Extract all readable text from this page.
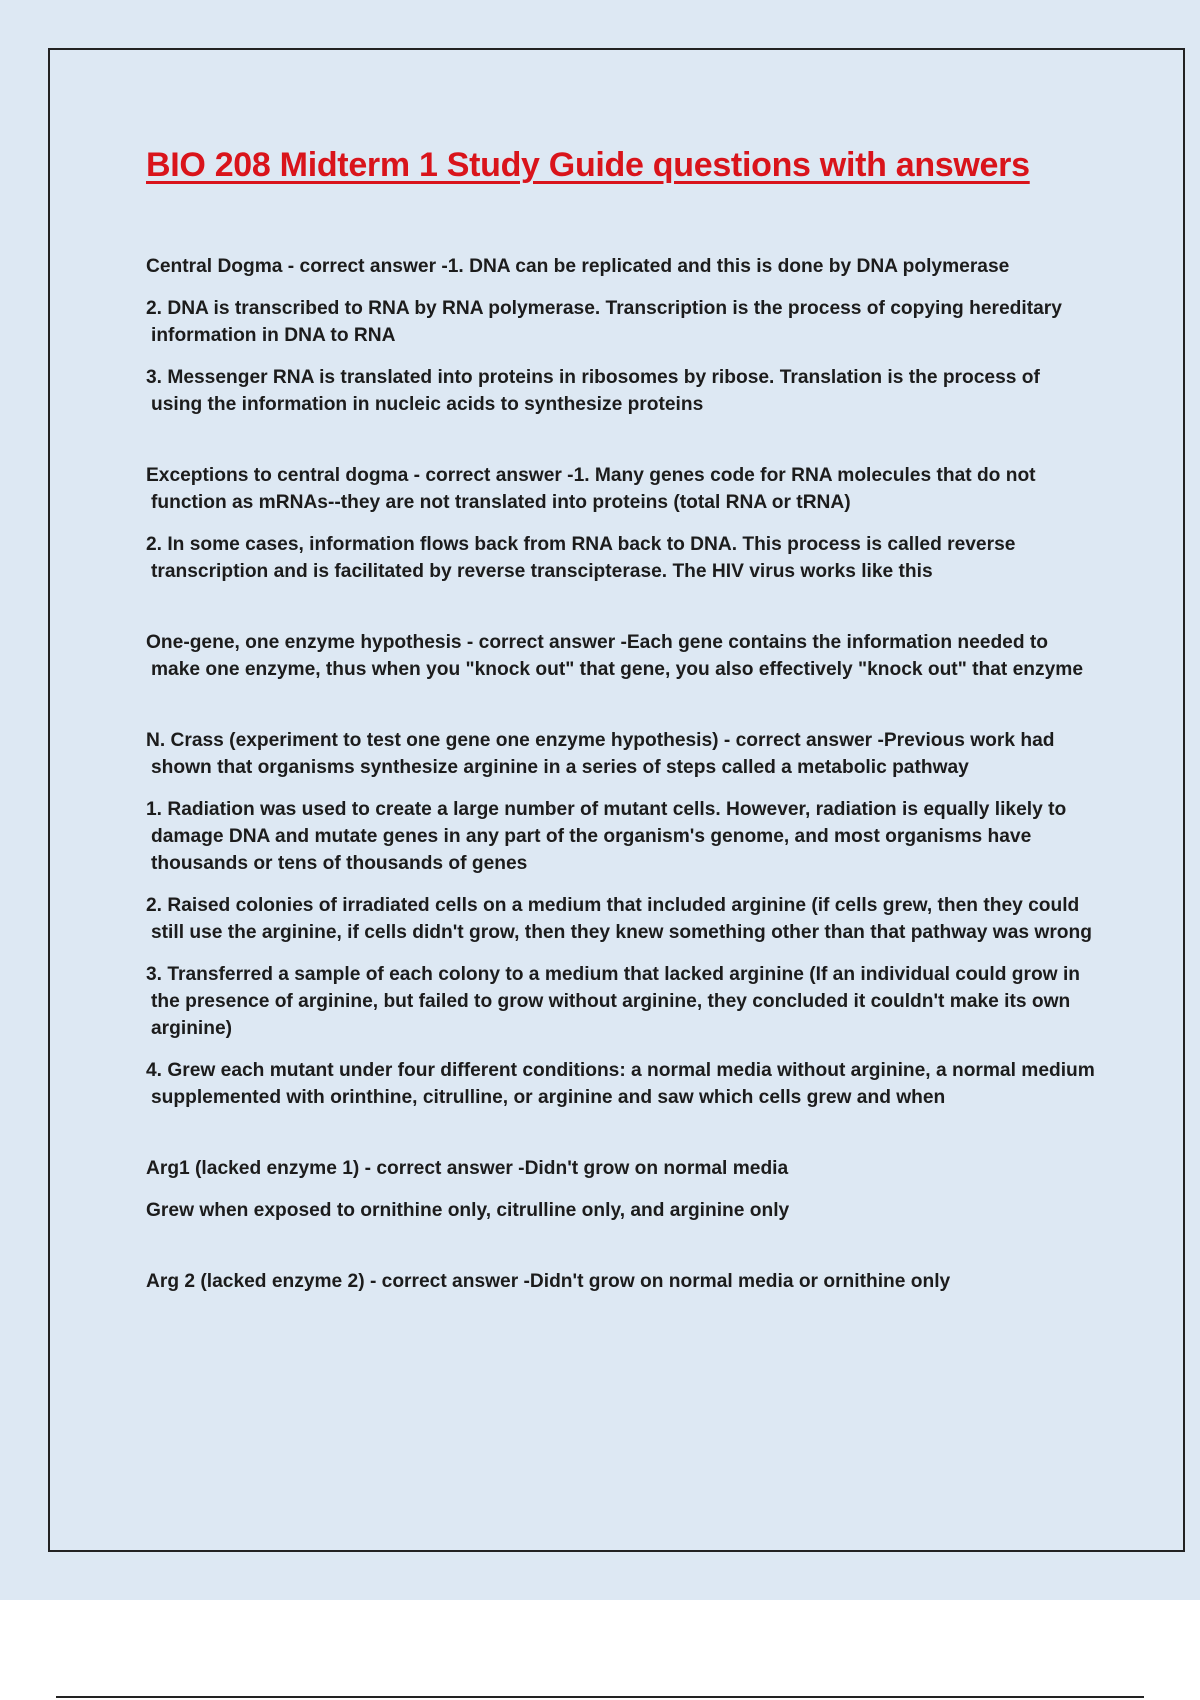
BIO 208 Midterm 1 Study Guide questions with answers

Central Dogma - correct answer -1. DNA can be replicated and this is done by DNA polymerase

2. DNA is transcribed to RNA by RNA polymerase. Transcription is the process of copying hereditary information in DNA to RNA

3. Messenger RNA is translated into proteins in ribosomes by ribose. Translation is the process of using the information in nucleic acids to synthesize proteins

Exceptions to central dogma - correct answer -1. Many genes code for RNA molecules that do not function as mRNAs--they are not translated into proteins (total RNA or tRNA)

2. In some cases, information flows back from RNA back to DNA. This process is called reverse transcription and is facilitated by reverse transcipterase. The HIV virus works like this

One-gene, one enzyme hypothesis - correct answer -Each gene contains the information needed to make one enzyme, thus when you "knock out" that gene, you also effectively "knock out" that enzyme

N. Crass (experiment to test one gene one enzyme hypothesis) - correct answer -Previous work had shown that organisms synthesize arginine in a series of steps called a metabolic pathway

1. Radiation was used to create a large number of mutant cells. However, radiation is equally likely to damage DNA and mutate genes in any part of the organism's genome, and most organisms have thousands or tens of thousands of genes

2. Raised colonies of irradiated cells on a medium that included arginine (if cells grew, then they could still use the arginine, if cells didn't grow, then they knew something other than that pathway was wrong

3. Transferred a sample of each colony to a medium that lacked arginine (If an individual could grow in the presence of arginine, but failed to grow without arginine, they concluded it couldn't make its own arginine)

4. Grew each mutant under four different conditions: a normal media without arginine, a normal medium supplemented with orinthine, citrulline, or arginine and saw which cells grew and when

Arg1 (lacked enzyme 1) - correct answer -Didn't grow on normal media

Grew when exposed to ornithine only, citrulline only, and arginine only

Arg 2 (lacked enzyme 2) - correct answer -Didn't grow on normal media or ornithine only
